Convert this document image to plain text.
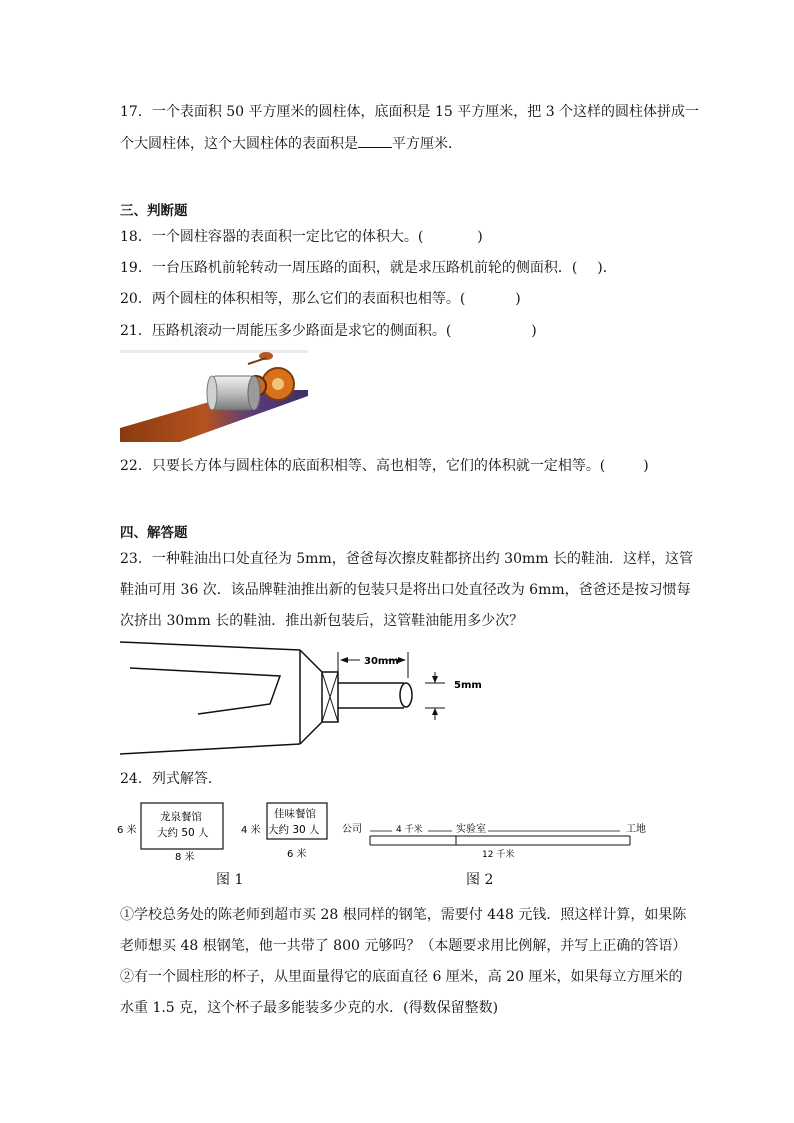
17．一个表面积 50 平方厘米的圆柱体，底面积是 15 平方厘米，把 3 个这样的圆柱体拼成一
个大圆柱体，这个大圆柱体的表面积是 平方厘米．
三、判断题
18．一个圆柱容器的表面积一定比它的体积大。(	)
19．一台压路机前轮转动一周压路的面积，就是求压路机前轮的侧面积．( )．
20．两个圆柱的体积相等，那么它们的表面积也相等。(	)
21．压路机滚动一周能压多少路面是求它的侧面积。(	)
22．只要长方体与圆柱体的底面积相等、高也相等，它们的体积就一定相等。(	)
四、解答题
23．一种鞋油出口处直径为 5mm，爸爸每次擦皮鞋都挤出约 30mm 长的鞋油．这样，这管
鞋油可用 36 次．该品牌鞋油推出新的包装只是将出口处直径改为 6mm，爸爸还是按习惯每
次挤出 30mm 长的鞋油．推出新包装后，这管鞋油能用多少次？
30mm
5mm
24．列式解答．
6 米
龙泉餐馆
大约 50 人
8 米
4 米
佳味餐馆
大约 30 人
6 米
公司	4 千米	实验室	工地
12 千米
图 1	图 2
①学校总务处的陈老师到超市买 28 根同样的钢笔，需要付 448 元钱．照这样计算，如果陈
老师想买 48 根钢笔，他一共带了 800 元够吗？（本题要求用比例解，并写上正确的答语）
②有一个圆柱形的杯子，从里面量得它的底面直径 6 厘米，高 20 厘米，如果每立方厘米的
水重 1.5 克，这个杯子最多能装多少克的水．(得数保留整数)
